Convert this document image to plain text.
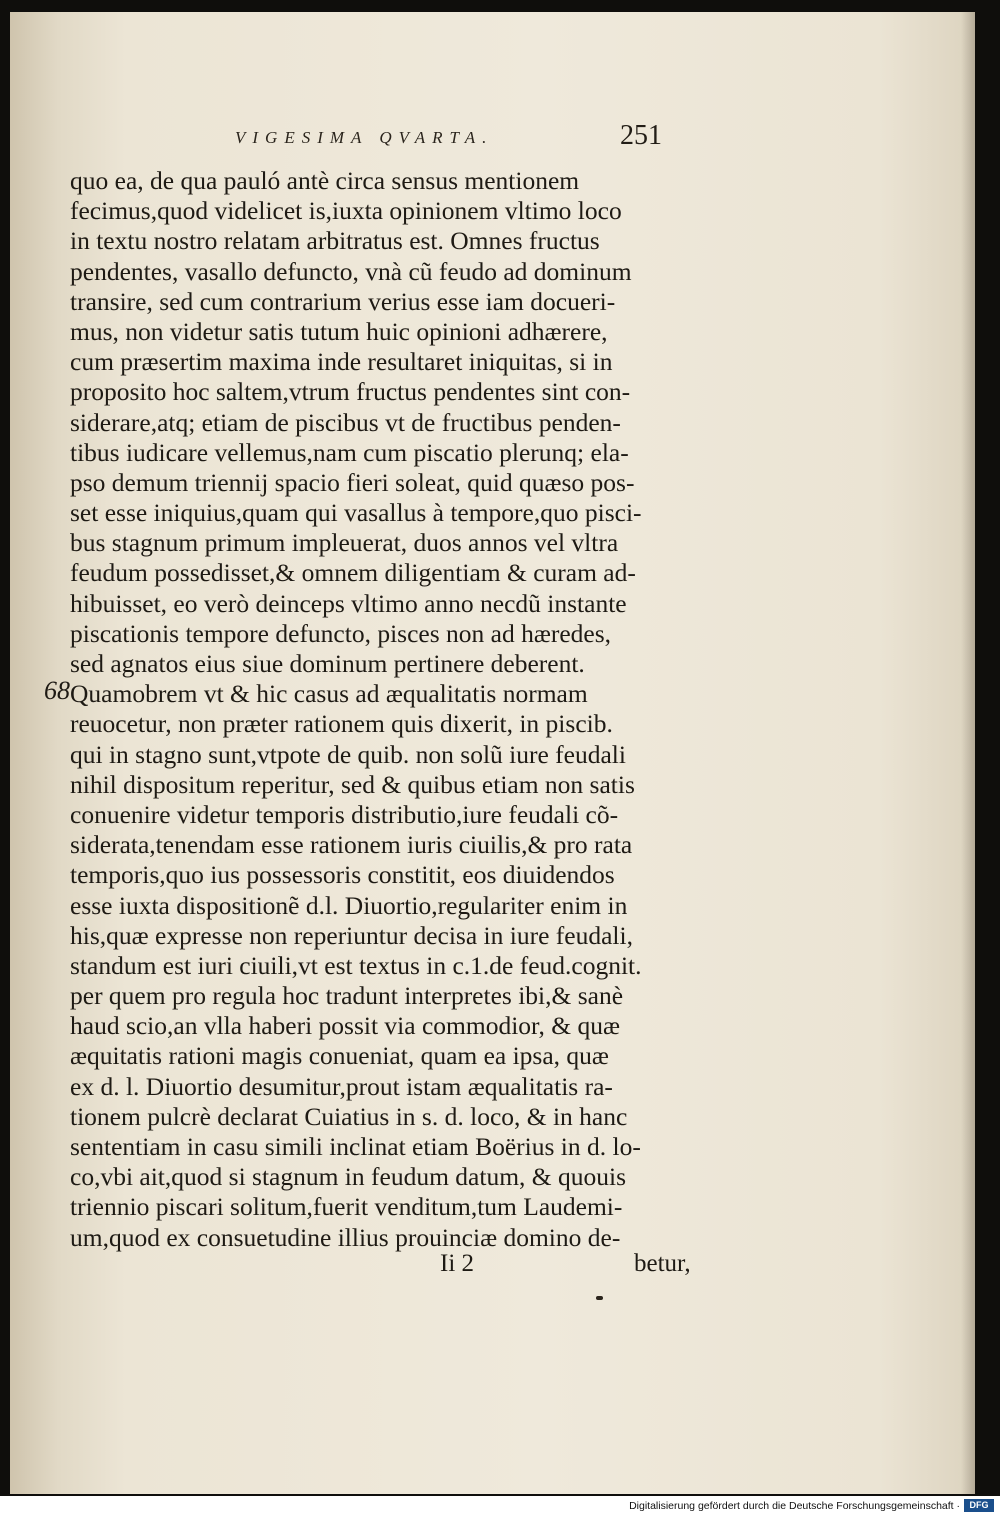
VIGESIMA QVARTA.	251
68
quo ea, de qua pauló antè circa sensus mentionem
fecimus,quod videlicet is,iuxta opinionem vltimo loco
in textu nostro relatam arbitratus est. Omnes fructus
pendentes, vasallo defuncto, vnà cũ feudo ad dominum
transire, sed cum contrarium verius esse iam docueri-
mus, non videtur satis tutum huic opinioni adhærere,
cum præsertim maxima inde resultaret iniquitas, si in
proposito hoc saltem,vtrum fructus pendentes sint con-
siderare,atq; etiam de piscibus vt de fructibus penden-
tibus iudicare vellemus,nam cum piscatio plerunq; ela-
pso demum triennij spacio fieri soleat, quid quæso pos-
set esse iniquius,quam qui vasallus à tempore,quo pisci-
bus stagnum primum impleuerat, duos annos vel vltra
feudum possedisset,& omnem diligentiam & curam ad-
hibuisset, eo verò deinceps vltimo anno necdũ instante
piscationis tempore defuncto, pisces non ad hæredes,
sed agnatos eius siue dominum pertinere deberent.
Quamobrem vt & hic casus ad æqualitatis normam
reuocetur, non præter rationem quis dixerit, in piscib.
qui in stagno sunt,vtpote de quib. non solũ iure feudali
nihil dispositum reperitur, sed & quibus etiam non satis
conuenire videtur temporis distributio,iure feudali cõ-
siderata,tenendam esse rationem iuris ciuilis,& pro rata
temporis,quo ius possessoris constitit, eos diuidendos
esse iuxta dispositionẽ d.l. Diuortio,regulariter enim in
his,quæ expresse non reperiuntur decisa in iure feudali,
standum est iuri ciuili,vt est textus in c.1.de feud.cognit.
per quem pro regula hoc tradunt interpretes ibi,& sanè
haud scio,an vlla haberi possit via commodior, & quæ
æquitatis rationi magis conueniat, quam ea ipsa, quæ
ex d. l. Diuortio desumitur,prout istam æqualitatis ra-
tionem pulcrè declarat Cuiatius in s. d. loco, & in hanc
sententiam in casu simili inclinat etiam Boërius in d. lo-
co,vbi ait,quod si stagnum in feudum datum, & quouis
triennio piscari solitum,fuerit venditum,tum Laudemi-
um,quod ex consuetudine illius prouinciæ domino de-
Ii 2	betur,
Digitalisierung gefördert durch die Deutsche Forschungsgemeinschaft ·	DFG
